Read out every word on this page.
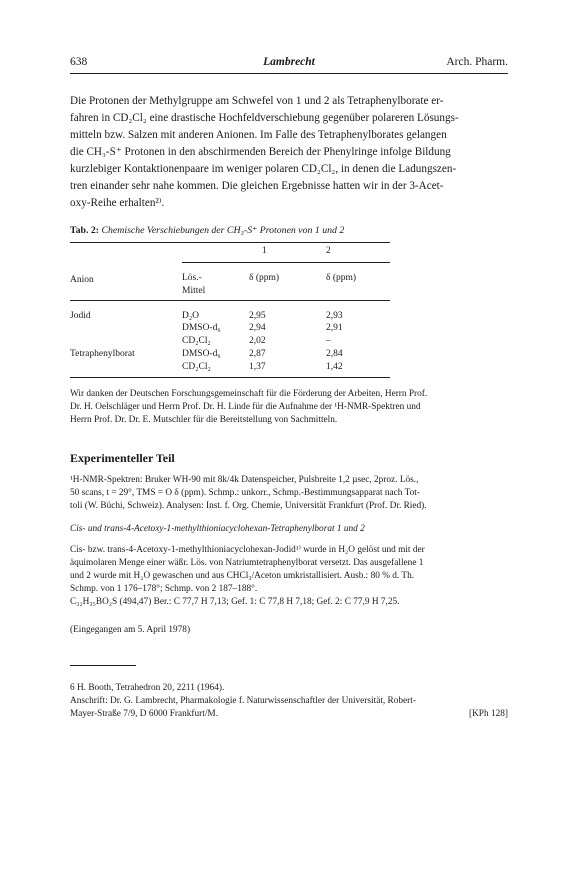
638	Lambrecht	Arch. Pharm.
Die Protonen der Methylgruppe am Schwefel von 1 und 2 als Tetraphenylborate er-
fahren in CD₂Cl₂ eine drastische Hochfeldverschiebung gegenüber polareren Lösungs-
mitteln bzw. Salzen mit anderen Anionen. Im Falle des Tetraphenylborates gelangen
die CH₃-S⁺ Protonen in den abschirmenden Bereich der Phenylringe infolge Bildung
kurzlebiger Kontaktionenpaare im weniger polaren CD₂Cl₂, in denen die Ladungszen-
tren einander sehr nahe kommen. Die gleichen Ergebnisse hatten wir in der 3-Acet-
oxy-Reihe erhalten²⁾.
Tab. 2: Chemische Verschiebungen der CH₃-S⁺ Protonen von 1 und 2
1	2
Anion	Lös.-
Mittel
δ (ppm)	δ (ppm)
Jodid	D₂O	2,95	2,93
DMSO-d₆	2,94	2,91
CD₂Cl₂	2,02	–
Tetraphenylborat	DMSO-d₆	2,87	2,84
CD₂Cl₂	1,37	1,42
Wir danken der Deutschen Forschungsgemeinschaft für die Förderung der Arbeiten, Herrn Prof.
Dr. H. Oelschläger und Herrn Prof. Dr. H. Linde für die Aufnahme der ¹H-NMR-Spektren und
Herrn Prof. Dr. Dr. E. Mutschler für die Bereitstellung von Sachmitteln.
Experimenteller Teil
¹H-NMR-Spektren: Bruker WH-90 mit 8k/4k Datenspeicher, Pulsbreite 1,2 µsec, 2proz. Lös.,
50 scans, t = 29°, TMS = O δ (ppm). Schmp.: unkorr., Schmp.-Bestimmungsapparat nach Tot-
toli (W. Büchi, Schweiz). Analysen: Inst. f. Org. Chemie, Universität Frankfurt (Prof. Dr. Ried).
Cis- und trans-4-Acetoxy-1-methylthioniacyclohexan-Tetraphenylborat 1 und 2
Cis- bzw. trans-4-Acetoxy-1-methylthioniacyclohexan-Jodid¹⁾ wurde in H₂O gelöst und mit der
äquimolaren Menge einer wäßr. Lös. von Natriumtetraphenylborat versetzt. Das ausgefallene 1
und 2 wurde mit H₂O gewaschen und aus CHCl₃/Aceton umkristallisiert. Ausb.: 80 % d. Th.
Schmp. von 1 176–178°; Schmp. von 2 187–188°.
C₃₂H₃₅BO₂S (494,47) Ber.: C 77,7 H 7,13; Gef. 1: C 77,8 H 7,18; Gef. 2: C 77,9 H 7,25.
(Eingegangen am 5. April 1978)
6 H. Booth, Tetrahedron 20, 2211 (1964).
Anschrift: Dr. G. Lambrecht, Pharmakologie f. Naturwissenschaftler der Universität, Robert-
Mayer-Straße 7/9, D 6000 Frankfurt/M.	[KPh 128]
